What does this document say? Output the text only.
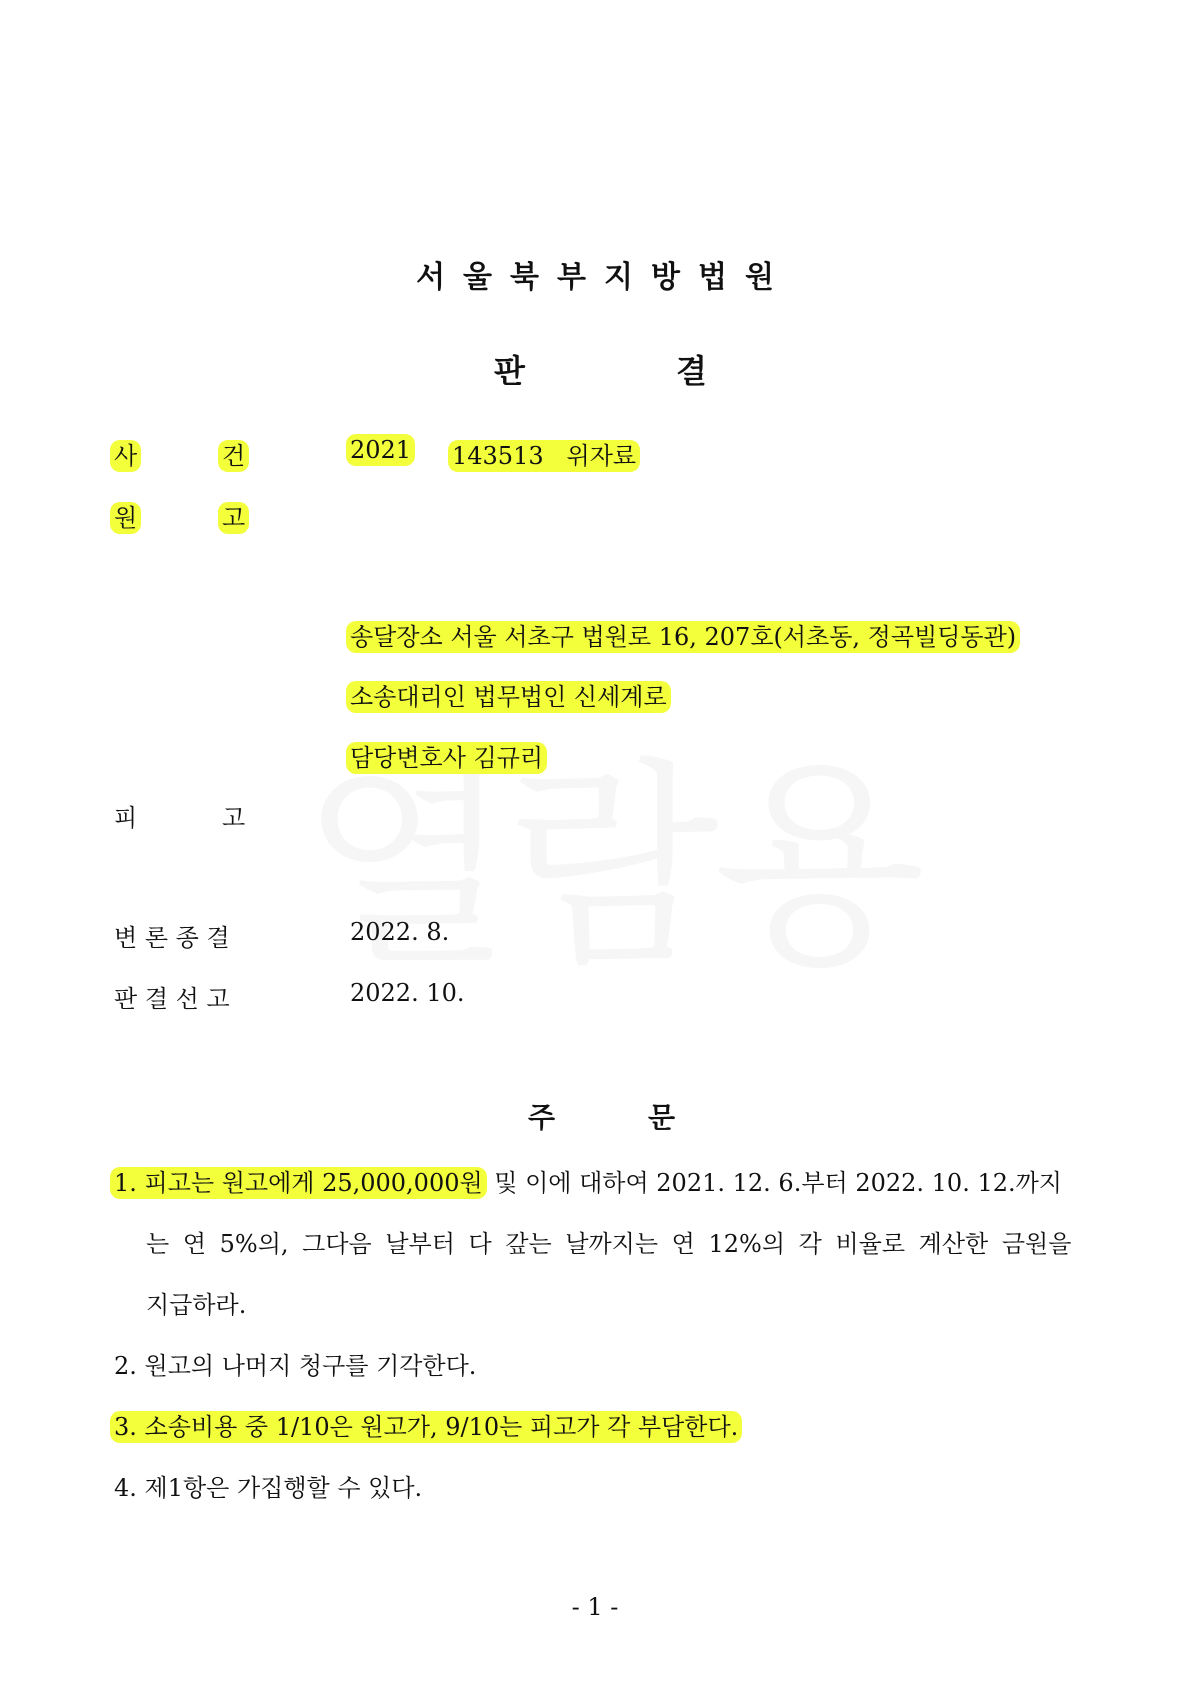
서울북부지방법원
판	결
사	건	2021 143513 위자료
원	고
송달장소 서울 서초구 법원로 16, 207호(서초동, 정곡빌딩동관)
소송대리인 법무법인 신세계로
담당변호사 김규리
피	고
변 론 종 결	2022. 8.
판 결 선 고	2022. 10.
주	문
1. 피고는 원고에게 25,000,000원 및 이에 대하여 2021. 12. 6.부터 2022. 10. 12.까지
는 연 5%의, 그다음 날부터 다 갚는 날까지는 연 12%의 각 비율로 계산한 금원을
지급하라.
2. 원고의 나머지 청구를 기각한다.
3. 소송비용 중 1/10은 원고가, 9/10는 피고가 각 부담한다.
4. 제1항은 가집행할 수 있다.
- 1 -
